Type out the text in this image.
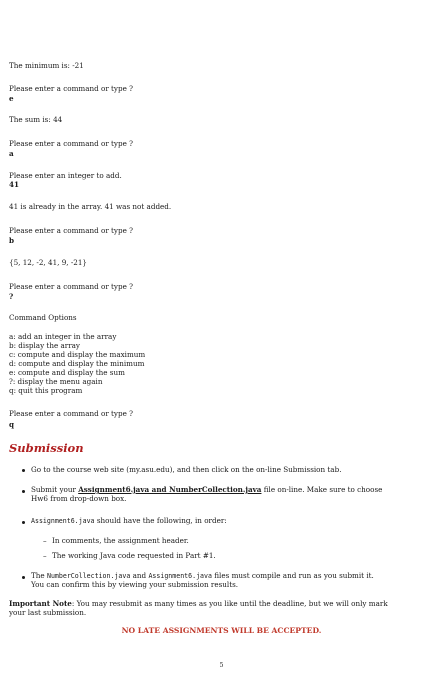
The minimum is: -21
Please enter a command or type ?
e
The sum is: 44
Please enter a command or type ?
a
Please enter an integer to add.
41
41 is already in the array. 41 was not added.
Please enter a command or type ?
b
{5, 12, -2, 41, 9, -21}
Please enter a command or type ?
?
Command Options
a: add an integer in the array
b: display the array
c: compute and display the maximum
d: compute and display the minimum
e: compute and display the sum
?: display the menu again
q: quit this program
Please enter a command or type ?
q
Submission
Go to the course web site (my.asu.edu), and then click on the on-line Submission tab.
Submit your Assignment6.java and NumberCollection.java file on-line. Make sure to choose
Hw6 from drop-down box.
Assignment6.java should have the following, in order:
– In comments, the assignment header.
– The working Java code requested in Part #1.
The NumberCollection.java and Assignment6.java files must compile and run as you submit it.
You can confirm this by viewing your submission results.
Important Note: You may resubmit as many times as you like until the deadline, but we will only mark
your last submission.
NO LATE ASSIGNMENTS WILL BE ACCEPTED.
5
